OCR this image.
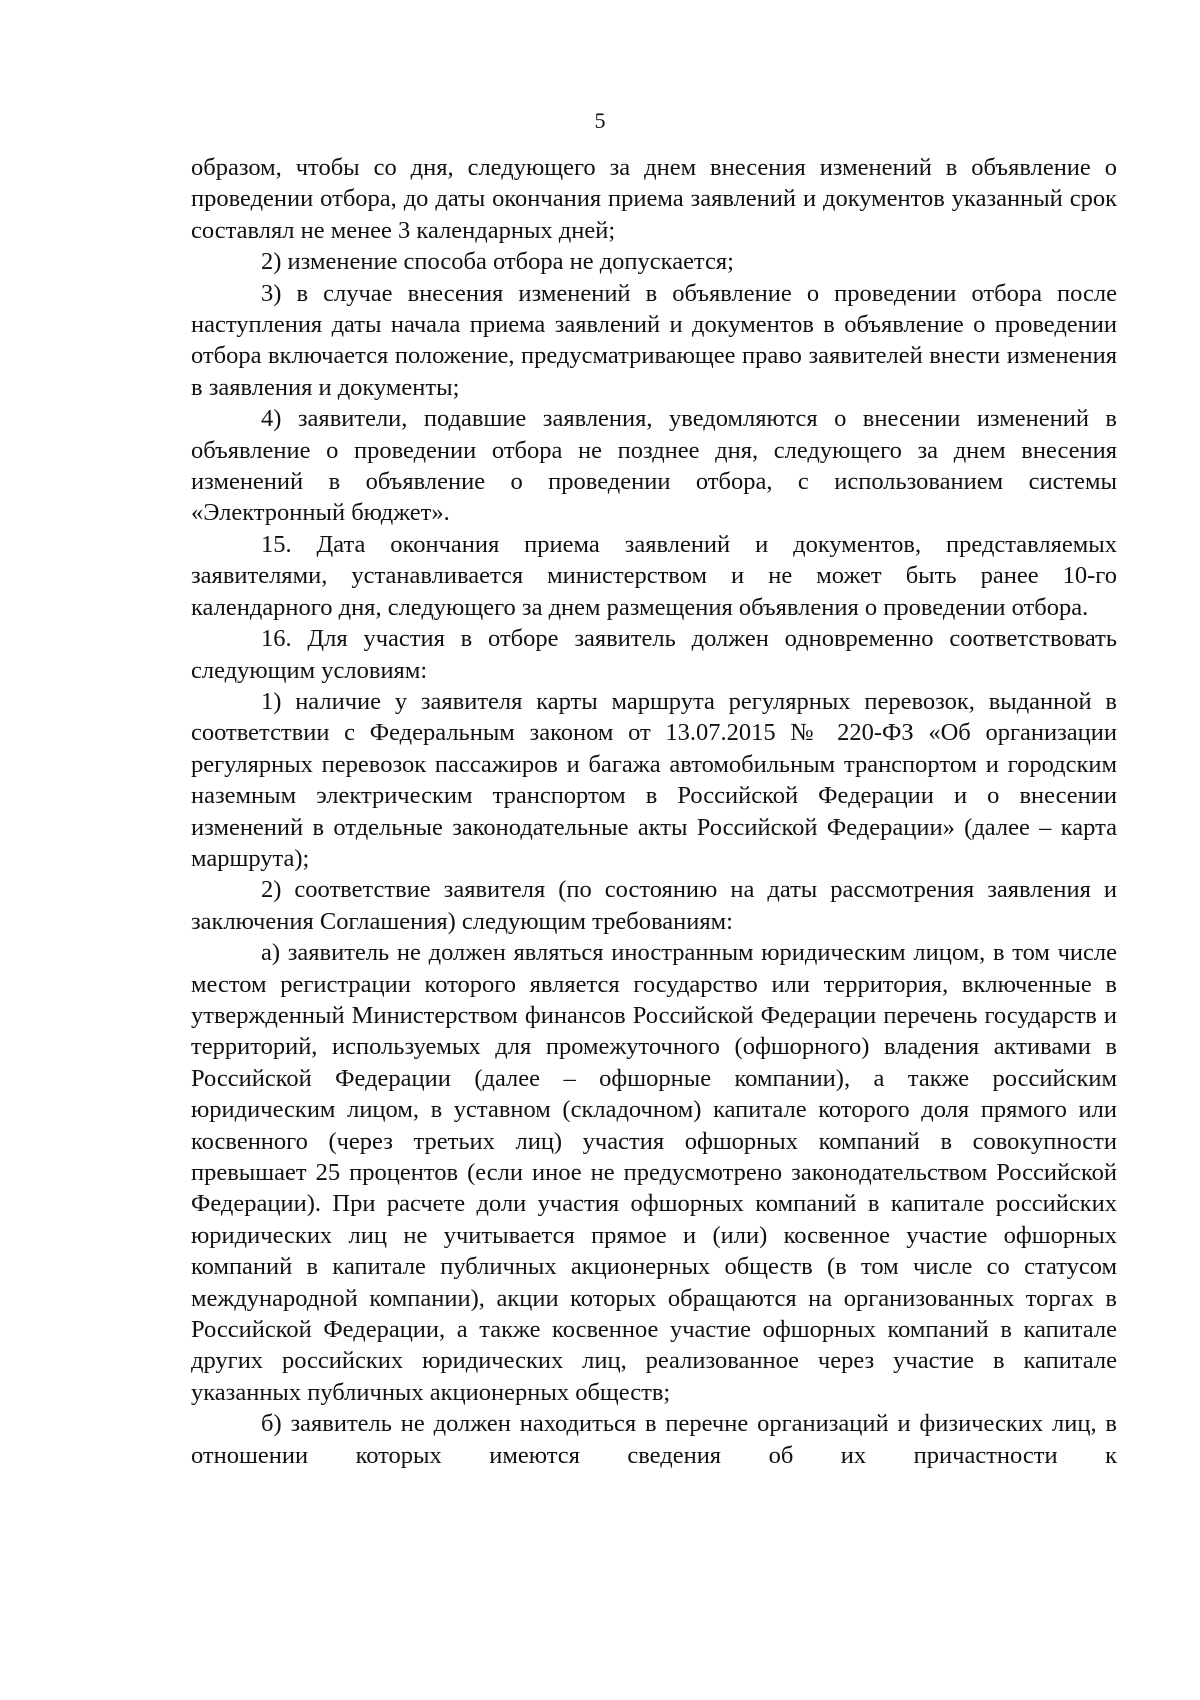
5

образом, чтобы со дня, следующего за днем внесения изменений в объявление о проведении отбора, до даты окончания приема заявлений и документов указанный срок составлял не менее 3 календарных дней;

2) изменение способа отбора не допускается;

3) в случае внесения изменений в объявление о проведении отбора после наступления даты начала приема заявлений и документов в объявление о проведении отбора включается положение, предусматривающее право заявителей внести изменения в заявления и документы;

4) заявители, подавшие заявления, уведомляются о внесении изменений в объявление о проведении отбора не позднее дня, следующего за днем внесения изменений в объявление о проведении отбора, с использованием системы «Электронный бюджет».

15. Дата окончания приема заявлений и документов, представляемых заявителями, устанавливается министерством и не может быть ранее 10-го календарного дня, следующего за днем размещения объявления о проведении отбора.

16. Для участия в отборе заявитель должен одновременно соответствовать следующим условиям:

1) наличие у заявителя карты маршрута регулярных перевозок, выданной в соответствии с Федеральным законом от 13.07.2015 № 220-ФЗ «Об организации регулярных перевозок пассажиров и багажа автомобильным транспортом и городским наземным электрическим транспортом в Российской Федерации и о внесении изменений в отдельные законодательные акты Российской Федерации» (далее – карта маршрута);

2) соответствие заявителя (по состоянию на даты рассмотрения заявления и заключения Соглашения) следующим требованиям:

а) заявитель не должен являться иностранным юридическим лицом, в том числе местом регистрации которого является государство или территория, включенные в утвержденный Министерством финансов Российской Федерации перечень государств и территорий, используемых для промежуточного (офшорного) владения активами в Российской Федерации (далее – офшорные компании), а также российским юридическим лицом, в уставном (складочном) капитале которого доля прямого или косвенного (через третьих лиц) участия офшорных компаний в совокупности превышает 25 процентов (если иное не предусмотрено законодательством Российской Федерации). При расчете доли участия офшорных компаний в капитале российских юридических лиц не учитывается прямое и (или) косвенное участие офшорных компаний в капитале публичных акционерных обществ (в том числе со статусом международной компании), акции которых обращаются на организованных торгах в Российской Федерации, а также косвенное участие офшорных компаний в капитале других российских юридических лиц, реализованное через участие в капитале указанных публичных акционерных обществ;

б) заявитель не должен находиться в перечне организаций и физических лиц, в отношении которых имеются сведения об их причастности к
